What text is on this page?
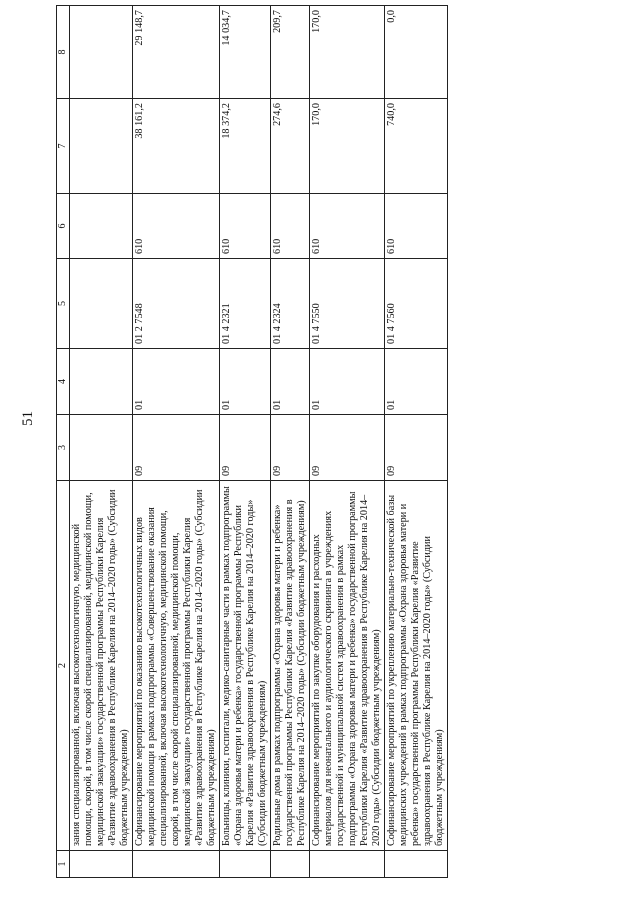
51
1	2	3	4	5	6	7	8
	зания специализированной, включая высокотехнологичную, медицинской помощи, скорой, в том числе скорой специализированной, медицинской помощи, медицинской эвакуации» государственной программы Республики Карелия «Развитие здравоохранения в Республике Карелия на 2014–2020 годы» (Субсидии бюджетным учреждениям)						
	Софинансирование мероприятий по оказанию высокотехнологичных видов медицинской помощи в рамках подпрограммы «Совершенствование оказания специализированной, включая высокотехнологичную, медицинской помощи, скорой, в том числе скорой специализированной, медицинской помощи, медицинской эвакуации» государственной программы Республики Карелия «Развитие здравоохранения в Республике Карелия на 2014–2020 годы» (Субсидии бюджетным учреждениям)	09	01	01 2 7548	610	38 161,2	29 148,7
	Больницы, клиники, госпитали, медико-санитарные части в рамках подпрограммы «Охрана здоровья матери и ребенка» государственной программы Республики Карелия «Развитие здравоохранения в Республике Карелия на 2014–2020 годы» (Субсидии бюджетным учреждениям)	09	01	01 4 2321	610	18 374,2	14 034,7
	Родильные дома в рамках подпрограммы «Охрана здоровья матери и ребенка» государственной программы Республики Карелия «Развитие здравоохранения в Республике Карелия на 2014–2020 годы» (Субсидии бюджетным учреждениям)	09	01	01 4 2324	610	274,6	209,7
	Софинансирование мероприятий по закупке оборудования и расходных материалов для неонатального и аудиологического скрининга в учреждениях государственной и муниципальной систем здравоохранения в рамках подпрограммы «Охрана здоровья матери и ребенка» государственной программы Республики Карелия «Развитие здравоохранения в Республике Карелия на 2014–2020 годы» (Субсидии бюджетным учреждениям)	09	01	01 4 7550	610	170,0	170,0
	Софинансирование мероприятий по укреплению материально-технической базы медицинских учреждений в рамках подпрограммы «Охрана здоровья матери и ребенка» государственной программы Республики Карелия «Развитие здравоохранения в Республике Карелия на 2014–2020 годы» (Субсидии бюджетным учреждениям)	09	01	01 4 7560	610	740,0	0,0
